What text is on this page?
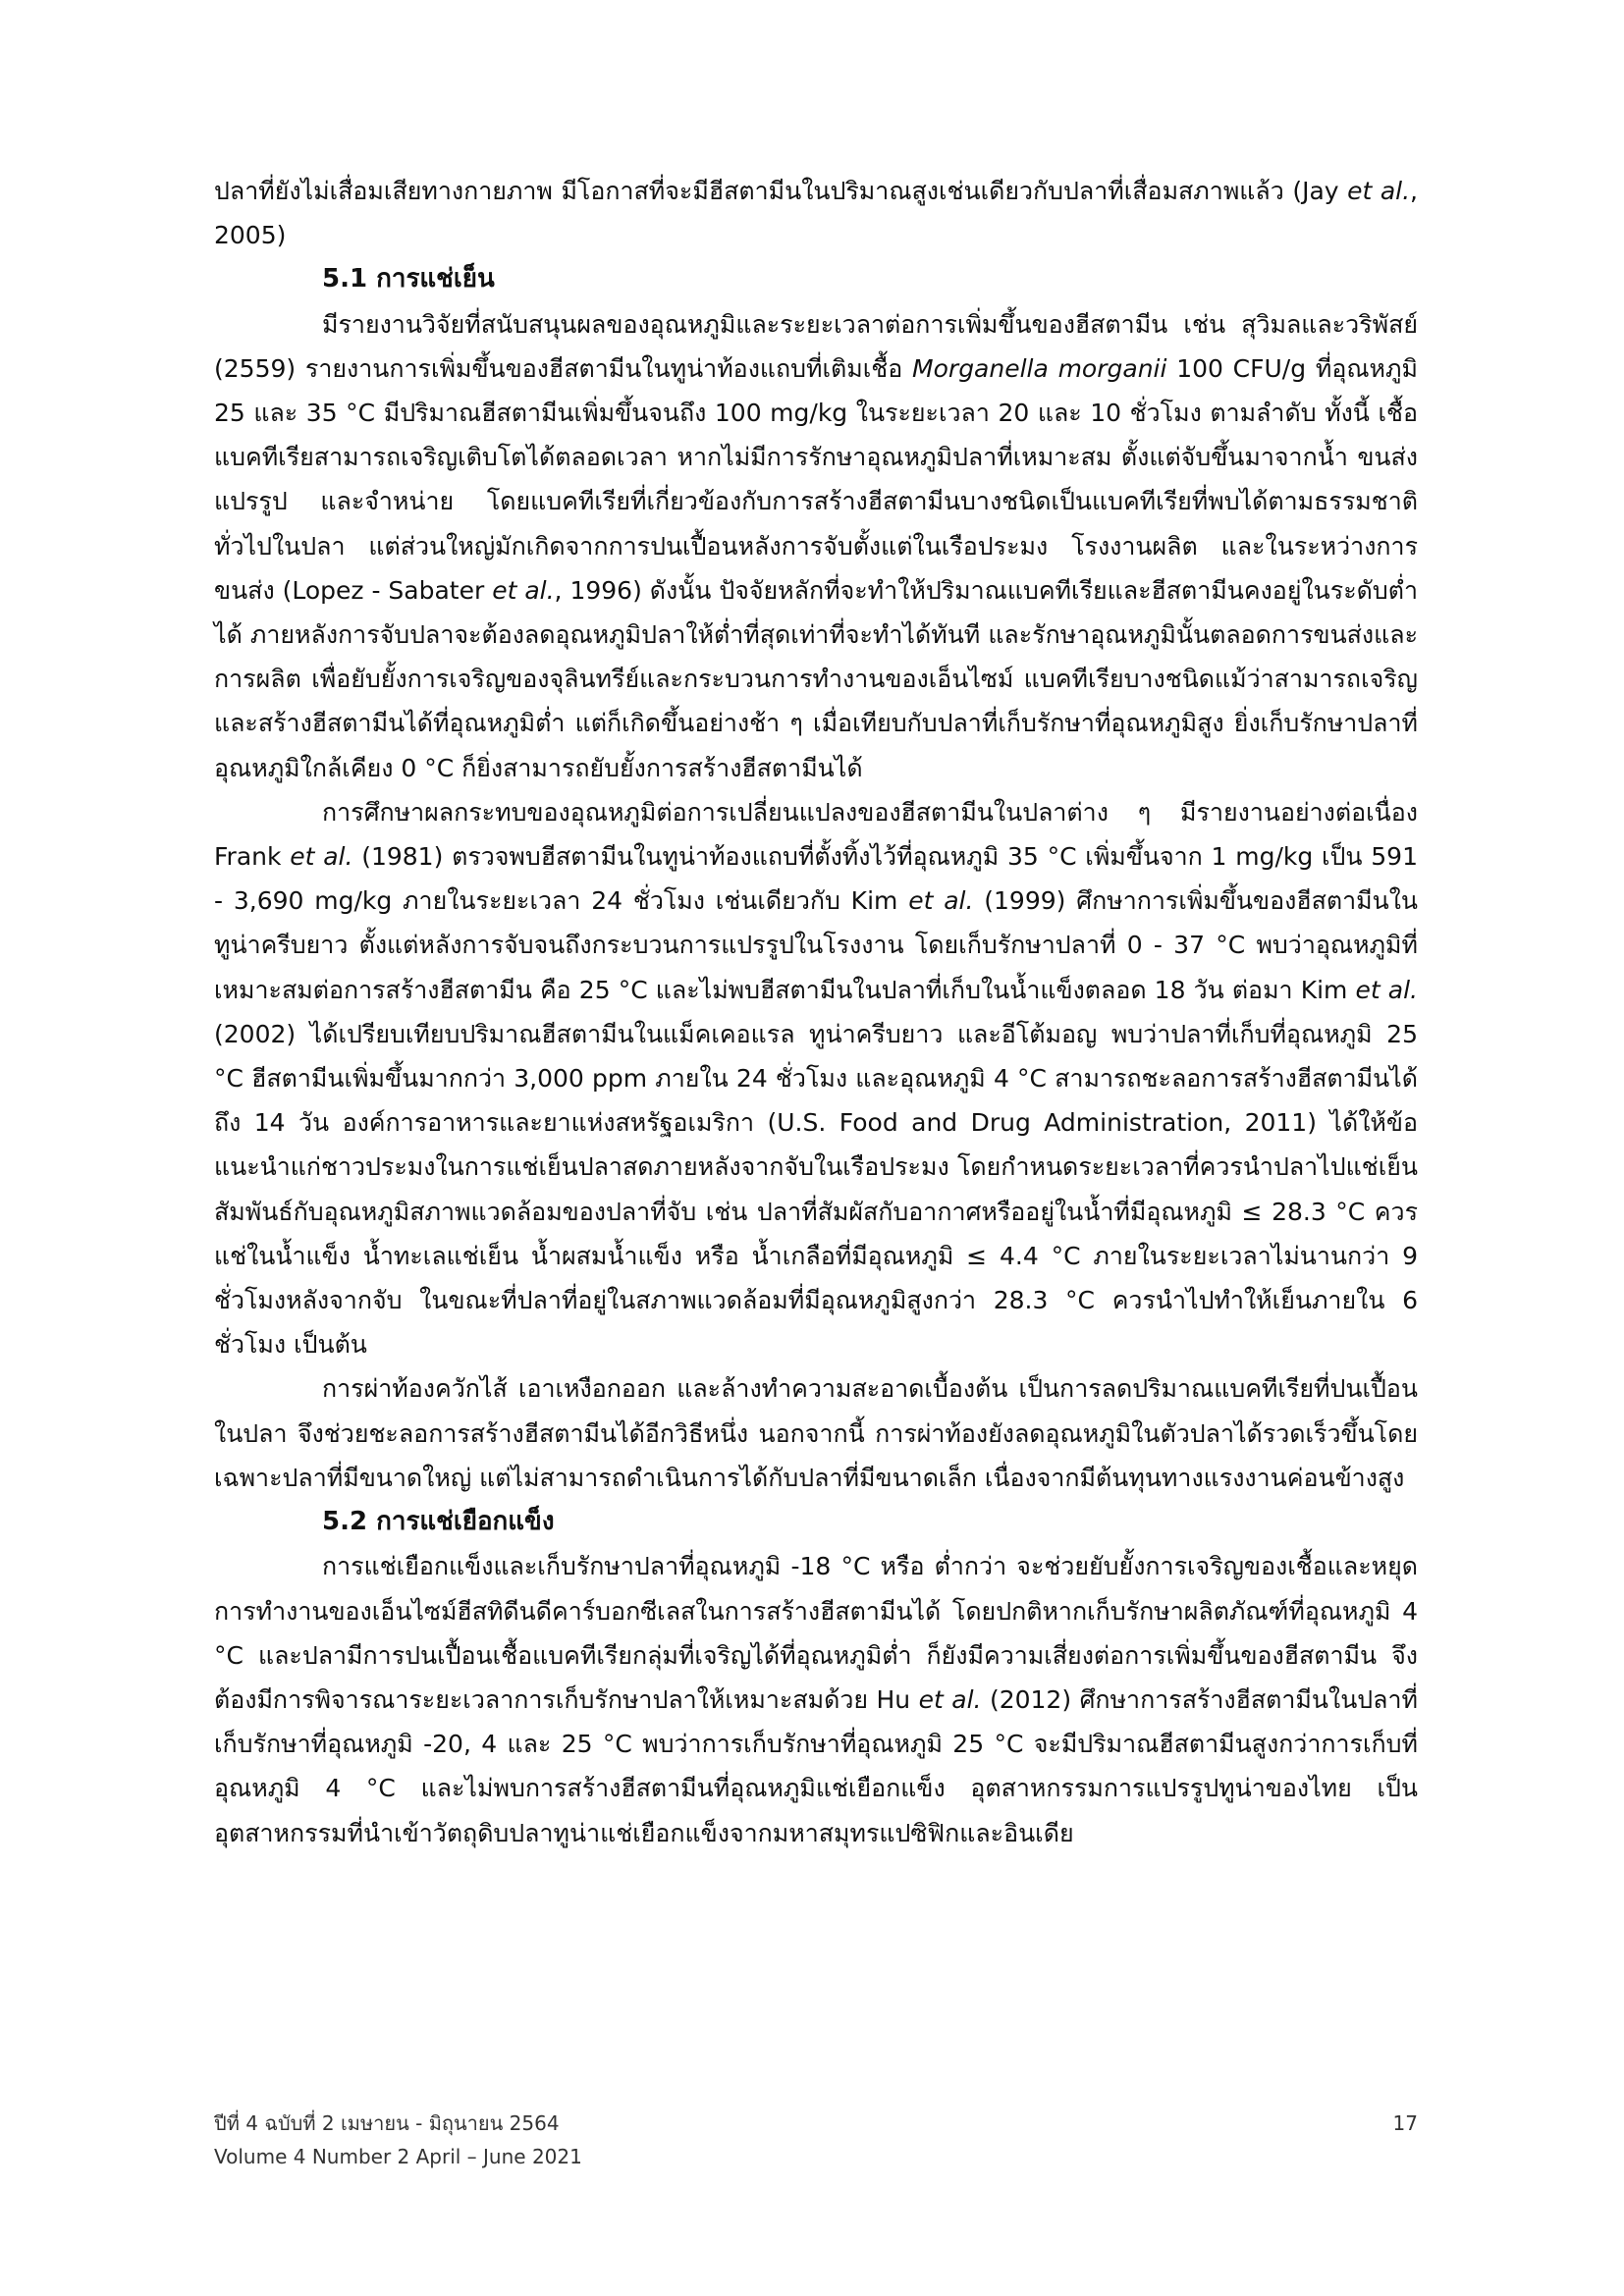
ปลาที่ยังไม่เสื่อมเสียทางกายภาพ มีโอกาสที่จะมีฮีสตามีนในปริมาณสูงเช่นเดียวกับปลาที่เสื่อมสภาพแล้ว (Jay et al., 2005)

5.1 การแช่เย็น

มีรายงานวิจัยที่สนับสนุนผลของอุณหภูมิและระยะเวลาต่อการเพิ่มขึ้นของฮีสตามีน เช่น สุวิมลและวริพัสย์ (2559) รายงานการเพิ่มขึ้นของฮีสตามีนในทูน่าท้องแถบที่เติมเชื้อ Morganella morganii 100 CFU/g ที่อุณหภูมิ 25 และ 35 °C มีปริมาณฮีสตามีนเพิ่มขึ้นจนถึง 100 mg/kg ในระยะเวลา 20 และ 10 ชั่วโมง ตามลำดับ ทั้งนี้ เชื้อแบคทีเรียสามารถเจริญเติบโตได้ตลอดเวลา หากไม่มีการรักษาอุณหภูมิปลาที่เหมาะสม ตั้งแต่จับขึ้นมาจากน้ำ ขนส่ง แปรรูป และจำหน่าย โดยแบคทีเรียที่เกี่ยวข้องกับการสร้างฮีสตามีนบางชนิดเป็นแบคทีเรียที่พบได้ตามธรรมชาติทั่วไปในปลา แต่ส่วนใหญ่มักเกิดจากการปนเปื้อนหลังการจับตั้งแต่ในเรือประมง โรงงานผลิต และในระหว่างการขนส่ง (Lopez - Sabater et al., 1996) ดังนั้น ปัจจัยหลักที่จะทำให้ปริมาณแบคทีเรียและฮีสตามีนคงอยู่ในระดับต่ำได้ ภายหลังการจับปลาจะต้องลดอุณหภูมิปลาให้ต่ำที่สุดเท่าที่จะทำได้ทันที และรักษาอุณหภูมินั้นตลอดการขนส่งและการผลิต เพื่อยับยั้งการเจริญของจุลินทรีย์และกระบวนการทำงานของเอ็นไซม์ แบคทีเรียบางชนิดแม้ว่าสามารถเจริญและสร้างฮีสตามีนได้ที่อุณหภูมิต่ำ แต่ก็เกิดขึ้นอย่างช้า ๆ เมื่อเทียบกับปลาที่เก็บรักษาที่อุณหภูมิสูง ยิ่งเก็บรักษาปลาที่อุณหภูมิใกล้เคียง 0 °C ก็ยิ่งสามารถยับยั้งการสร้างฮีสตามีนได้

การศึกษาผลกระทบของอุณหภูมิต่อการเปลี่ยนแปลงของฮีสตามีนในปลาต่าง ๆ มีรายงานอย่างต่อเนื่อง Frank et al. (1981) ตรวจพบฮีสตามีนในทูน่าท้องแถบที่ตั้งทิ้งไว้ที่อุณหภูมิ 35 °C เพิ่มขึ้นจาก 1 mg/kg เป็น 591 - 3,690 mg/kg ภายในระยะเวลา 24 ชั่วโมง เช่นเดียวกับ Kim et al. (1999) ศึกษาการเพิ่มขึ้นของฮีสตามีนในทูน่าครีบยาว ตั้งแต่หลังการจับจนถึงกระบวนการแปรรูปในโรงงาน โดยเก็บรักษาปลาที่ 0 - 37 °C พบว่าอุณหภูมิที่เหมาะสมต่อการสร้างฮีสตามีน คือ 25 °C และไม่พบฮีสตามีนในปลาที่เก็บในน้ำแข็งตลอด 18 วัน ต่อมา Kim et al. (2002) ได้เปรียบเทียบปริมาณฮีสตามีนในแม็คเคอแรล ทูน่าครีบยาว และอีโต้มอญ พบว่าปลาที่เก็บที่อุณหภูมิ 25 °C ฮีสตามีนเพิ่มขึ้นมากกว่า 3,000 ppm ภายใน 24 ชั่วโมง และอุณหภูมิ 4 °C สามารถชะลอการสร้างฮีสตามีนได้ถึง 14 วัน องค์การอาหารและยาแห่งสหรัฐอเมริกา (U.S. Food and Drug Administration, 2011) ได้ให้ข้อแนะนำแก่ชาวประมงในการแช่เย็นปลาสดภายหลังจากจับในเรือประมง โดยกำหนดระยะเวลาที่ควรนำปลาไปแช่เย็นสัมพันธ์กับอุณหภูมิสภาพแวดล้อมของปลาที่จับ เช่น ปลาที่สัมผัสกับอากาศหรืออยู่ในน้ำที่มีอุณหภูมิ ≤ 28.3 °C ควรแช่ในน้ำแข็ง น้ำทะเลแช่เย็น น้ำผสมน้ำแข็ง หรือ น้ำเกลือที่มีอุณหภูมิ ≤ 4.4 °C ภายในระยะเวลาไม่นานกว่า 9 ชั่วโมงหลังจากจับ ในขณะที่ปลาที่อยู่ในสภาพแวดล้อมที่มีอุณหภูมิสูงกว่า 28.3 °C ควรนำไปทำให้เย็นภายใน 6 ชั่วโมง เป็นต้น

การผ่าท้องควักไส้ เอาเหงือกออก และล้างทำความสะอาดเบื้องต้น เป็นการลดปริมาณแบคทีเรียที่ปนเปื้อนในปลา จึงช่วยชะลอการสร้างฮีสตามีนได้อีกวิธีหนึ่ง นอกจากนี้ การผ่าท้องยังลดอุณหภูมิในตัวปลาได้รวดเร็วขึ้นโดยเฉพาะปลาที่มีขนาดใหญ่ แต่ไม่สามารถดำเนินการได้กับปลาที่มีขนาดเล็ก เนื่องจากมีต้นทุนทางแรงงานค่อนข้างสูง

5.2 การแช่เยือกแข็ง

การแช่เยือกแข็งและเก็บรักษาปลาที่อุณหภูมิ -18 °C หรือ ต่ำกว่า จะช่วยยับยั้งการเจริญของเชื้อและหยุดการทำงานของเอ็นไซม์ฮีสทิดีนดีคาร์บอกซีเลสในการสร้างฮีสตามีนได้ โดยปกติหากเก็บรักษาผลิตภัณฑ์ที่อุณหภูมิ 4 °C และปลามีการปนเปื้อนเชื้อแบคทีเรียกลุ่มที่เจริญได้ที่อุณหภูมิต่ำ ก็ยังมีความเสี่ยงต่อการเพิ่มขึ้นของฮีสตามีน จึงต้องมีการพิจารณาระยะเวลาการเก็บรักษาปลาให้เหมาะสมด้วย Hu et al. (2012) ศึกษาการสร้างฮีสตามีนในปลาที่เก็บรักษาที่อุณหภูมิ -20, 4 และ 25 °C พบว่าการเก็บรักษาที่อุณหภูมิ 25 °C จะมีปริมาณฮีสตามีนสูงกว่าการเก็บที่อุณหภูมิ 4 °C และไม่พบการสร้างฮีสตามีนที่อุณหภูมิแช่เยือกแข็ง อุตสาหกรรมการแปรรูปทูน่าของไทย เป็นอุตสาหกรรมที่นำเข้าวัตถุดิบปลาทูน่าแช่เยือกแข็งจากมหาสมุทรแปซิฟิกและอินเดีย

ปีที่ 4 ฉบับที่ 2 เมษายน - มิถุนายน 2564
Volume 4 Number 2 April – June 2021
17
